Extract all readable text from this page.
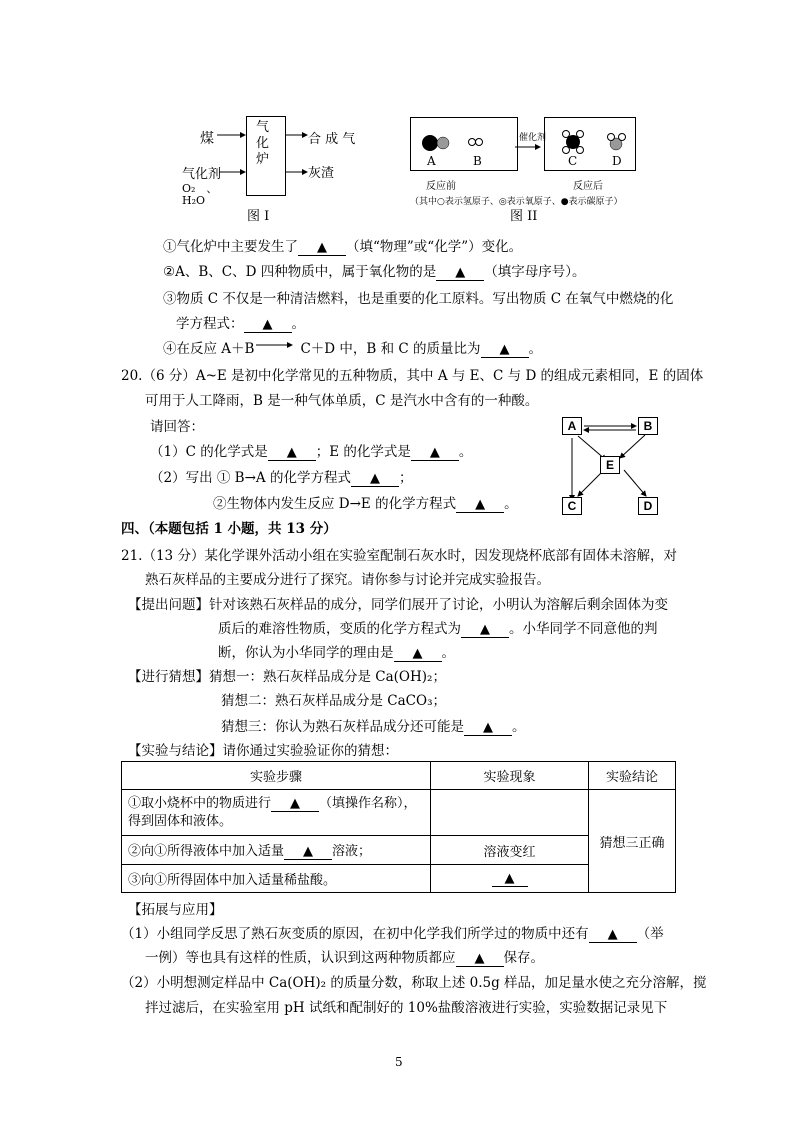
煤
气
化
炉
气化剂
O₂　、
H₂O
合 成 气
灰渣
图 I
催化剂
A	B	C	D
反应前	反应后
（其中○表示氢原子、◎表示氧原子、●表示碳原子）
图 II
①气化炉中主要发生了 ▲	（填“物理”或“化学”）变化。
②A、B、C、D 四种物质中，属于氧化物的是 ▲	（填字母序号）。
③物质 C 不仅是一种清洁燃料，也是重要的化工原料。写出物质 C 在氧气中燃烧的化
学方程式： ▲	。
④在反应 A＋B	C＋D 中，B 和 C 的质量比为 ▲	。
20.（6 分）A~E 是初中化学常见的五种物质，其中 A 与 E、C 与 D 的组成元素相同，E 的固体
可用于人工降雨，B 是一种气体单质，C 是汽水中含有的一种酸。
请回答：
（1）C 的化学式是 ▲	；E 的化学式是 ▲	。
（2）写出 ① B→A 的化学方程式 ▲	；
②生物体内发生反应 D→E 的化学方程式 ▲	。
A	B
E
C	D
四、（本题包括 1 小题，共 13 分）
21.（13 分）某化学课外活动小组在实验室配制石灰水时，因发现烧杯底部有固体未溶解，对
熟石灰样品的主要成分进行了探究。请你参与讨论并完成实验报告。
【提出问题】针对该熟石灰样品的成分，同学们展开了讨论，小明认为溶解后剩余固体为变
质后的难溶性物质，变质的化学方程式为 ▲	。小华同学不同意他的判
断，你认为小华同学的理由是 ▲	。
【进行猜想】猜想一：熟石灰样品成分是 Ca(OH)₂；
猜想二：熟石灰样品成分是 CaCO₃；
猜想三：你认为熟石灰样品成分还可能是 ▲	。
【实验与结论】请你通过实验验证你的猜想：
实验步骤	实验现象	实验结论
①取小烧杯中的物质进行 ▲ （填操作名称），得到固体和液体。		猜想三正确
②向①所得液体中加入适量 ▲ 溶液；	溶液变红	
③向①所得固体中加入适量稀盐酸。	▲
【拓展与应用】
（1）小组同学反思了熟石灰变质的原因，在初中化学我们所学过的物质中还有 ▲	（举
一例）等也具有这样的性质，认识到这两种物质都应 ▲	保存。
（2）小明想测定样品中 Ca(OH)₂ 的质量分数，称取上述 0.5g 样品，加足量水使之充分溶解，搅
拌过滤后，在实验室用 pH 试纸和配制好的 10%盐酸溶液进行实验，实验数据记录见下
5
